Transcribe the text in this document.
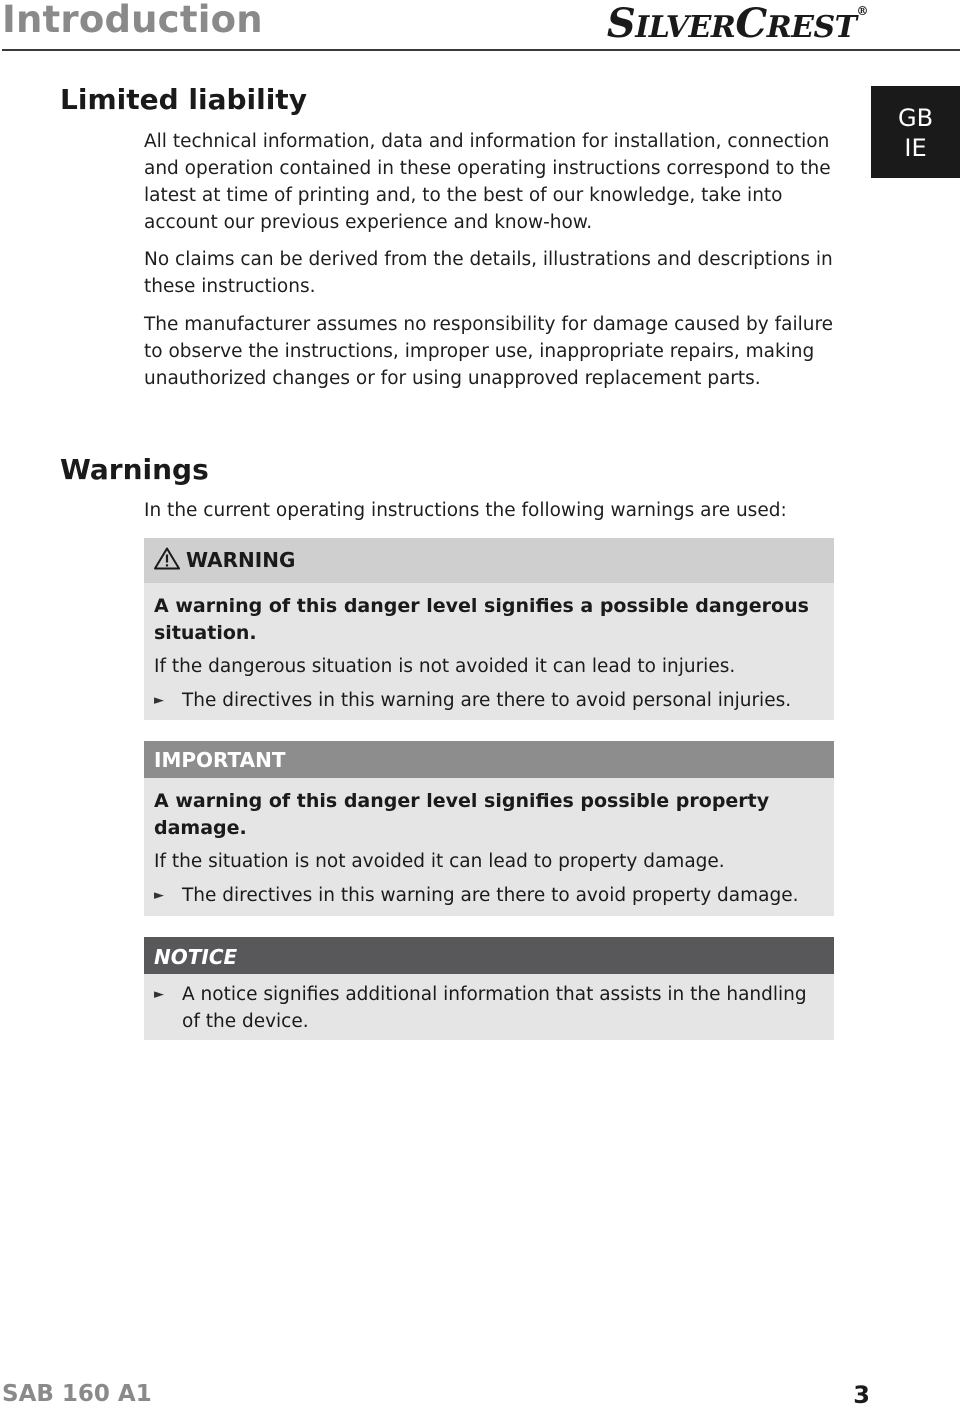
Introduction	SILVERCREST®
GB
IE
Limited liability

All technical information, data and information for installation, connection and operation contained in these operating instructions correspond to the latest at time of printing and, to the best of our knowledge, take into account our previous experience and know-how.

No claims can be derived from the details, illustrations and descriptions in these instructions.

The manufacturer assumes no responsibility for damage caused by failure to observe the instructions, improper use, inappropriate repairs, making unauthorized changes or for using unapproved replacement parts.

Warnings

In the current operating instructions the following warnings are used:

WARNING

A warning of this danger level signifies a possible dangerous situation.

If the dangerous situation is not avoided it can lead to injuries.

► The directives in this warning are there to avoid personal injuries.
IMPORTANT

A warning of this danger level signifies possible property damage.

If the situation is not avoided it can lead to property damage.

► The directives in this warning are there to avoid property damage.
NOTICE
► A notice signifies additional information that assists in the handling of the device.
SAB 160 A1	3
